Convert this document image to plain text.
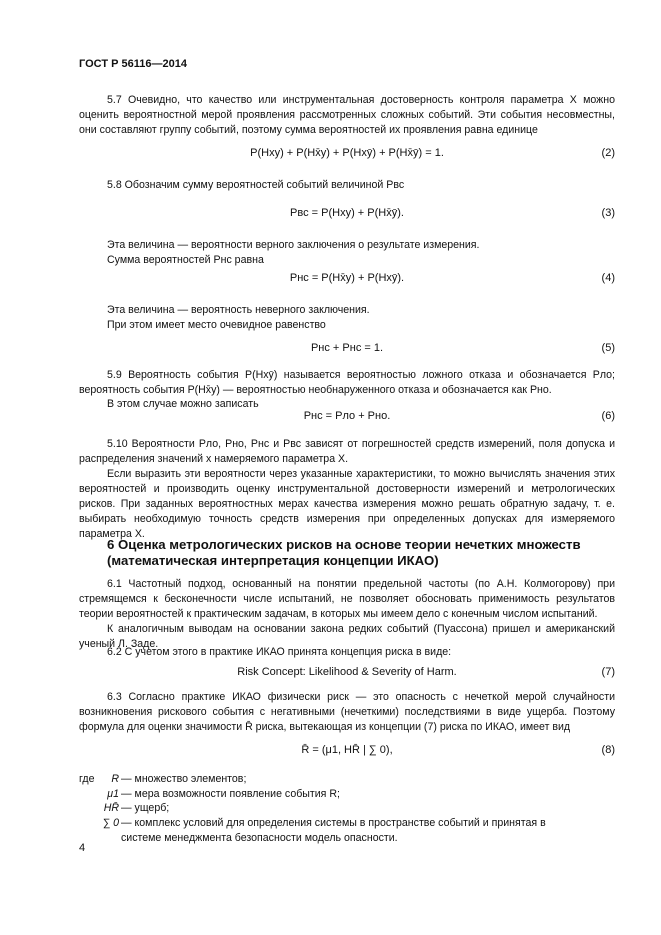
ГОСТ Р 56116—2014
5.7 Очевидно, что качество или инструментальная достоверность контроля параметра X можно оценить вероятностной мерой проявления рассмотренных сложных событий. Эти события несовместны, они составляют группу событий, поэтому сумма вероятностей их проявления равна единице
P(Hxy) + P(Hx̄y) + P(Hxȳ) + P(Hx̄ȳ) = 1.	(2)
5.8 Обозначим сумму вероятностей событий величиной Pвс
Pвс = P(Hxy) + P(Hx̄ȳ).	(3)
Эта величина — вероятности верного заключения о результате измерения.
Сумма вероятностей Pнс равна
Pнс = P(Hx̄y) + P(Hxȳ).	(4)
Эта величина — вероятность неверного заключения.
При этом имеет место очевидное равенство
Pнс + Pнс = 1.	(5)
5.9 Вероятность события P(Hxȳ) называется вероятностью ложного отказа и обозначается Pло; вероятность события P(Hx̄y) — вероятностью необнаруженного отказа и обозначается как Pно.
В этом случае можно записать
Pнс = Pло + Pно.	(6)
5.10 Вероятности Pло, Pно, Pнс и Pвс зависят от погрешностей средств измерений, поля допуска и распределения значений x намеряемого параметра X.
Если выразить эти вероятности через указанные характеристики, то можно вычислять значения этих вероятностей и производить оценку инструментальной достоверности измерений и метрологических рисков. При заданных вероятностных мерах качества измерения можно решать обратную задачу, т. е. выбирать необходимую точность средств измерения при определенных допусках для измеряемого параметра X.
6 Оценка метрологических рисков на основе теории нечетких множеств (математическая интерпретация концепции ИКАО)
6.1 Частотный подход, основанный на понятии предельной частоты (по А.Н. Колмогорову) при стремящемся к бесконечности числе испытаний, не позволяет обосновать применимость результатов теории вероятностей к практическим задачам, в которых мы имеем дело с конечным числом испытаний.
К аналогичным выводам на основании закона редких событий (Пуассона) пришел и американский ученый Л. Заде.
6.2 С учетом этого в практике ИКАО принята концепция риска в виде:
Risk Concept: Likelihood & Severity of Harm.	(7)
6.3 Согласно практике ИКАО физически риск — это опасность с нечеткой мерой случайности возникновения рискового события с негативными (нечеткими) последствиями в виде ущерба. Поэтому формула для оценки значимости R̄ риска, вытекающая из концепции (7) риска по ИКАО, имеет вид
R̄ = (μ1, HR̄ | ∑ 0),	(8)
где	R — множество элементов;
μ1 — мера возможности появление события R;
HR̄ — ущерб;
∑ 0 — комплекс условий для определения системы в пространстве событий и принятая в системе менеджмента безопасности модель опасности.
4
